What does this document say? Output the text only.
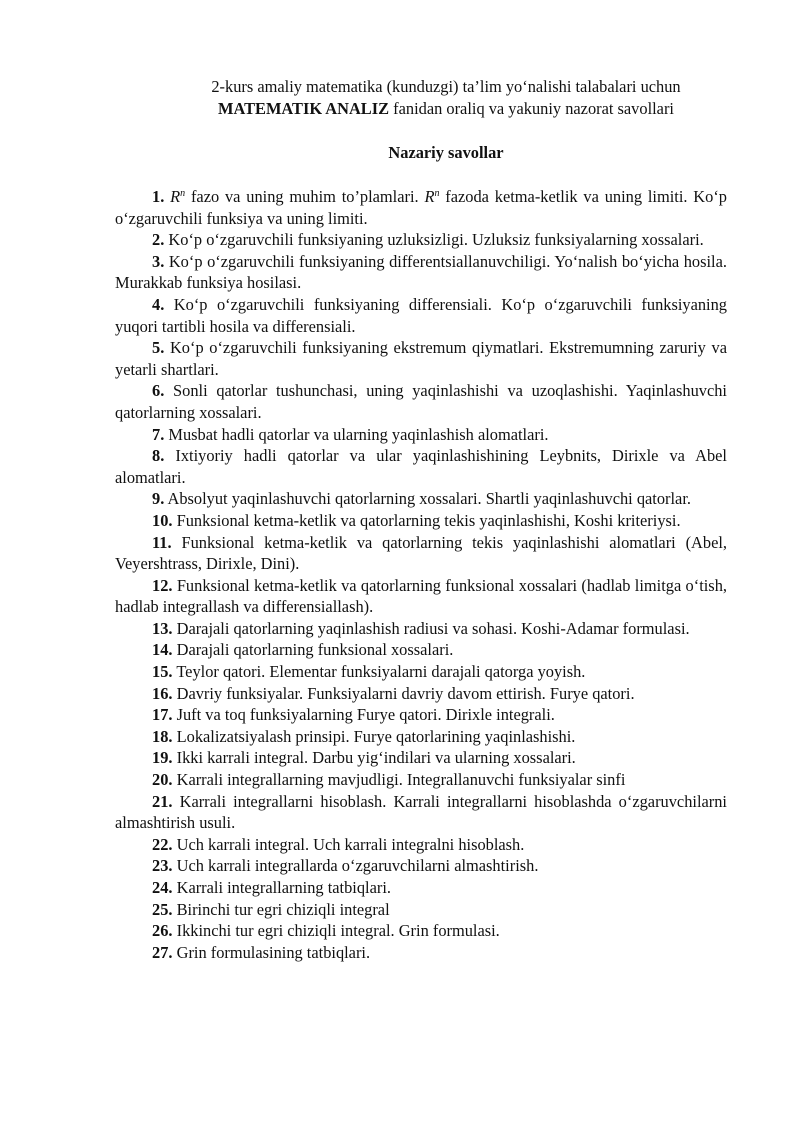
2-kurs amaliy matematika (kunduzgi) ta’lim yo‘nalishi talabalari uchun
MATEMATIK ANALIZ fanidan oraliq va yakuniy nazorat savollari
Nazariy savollar

1. $R^n$ fazo va uning muhim to’plamlari. $R^n$ fazoda ketma-ketlik va uning limiti. Ko‘p o‘zgaruvchili funksiya va uning limiti.

2. Ko‘p o‘zgaruvchili funksiyaning uzluksizligi. Uzluksiz funksiyalarning xossalari.

3. Ko‘p o‘zgaruvchili funksiyaning differentsiallanuvchiligi. Yo‘nalish bo‘yicha hosila. Murakkab funksiya hosilasi.

4. Ko‘p o‘zgaruvchili funksiyaning differensiali. Ko‘p o‘zgaruvchili funksiyaning yuqori tartibli hosila va differensiali.

5. Ko‘p o‘zgaruvchili funksiyaning ekstremum qiymatlari. Ekstremumning zaruriy va yetarli shartlari.

6. Sonli qatorlar tushunchasi, uning yaqinlashishi va uzoqlashishi. Yaqinlashuvchi qatorlarning xossalari.

7. Musbat hadli qatorlar va ularning yaqinlashish alomatlari.

8. Ixtiyoriy hadli qatorlar va ular yaqinlashishining Leybnits, Dirixle va Abel alomatlari.

9. Absolyut yaqinlashuvchi qatorlarning xossalari. Shartli yaqinlashuvchi qatorlar.

10. Funksional ketma-ketlik va qatorlarning tekis yaqinlashishi, Koshi kriteriysi.

11. Funksional ketma-ketlik va qatorlarning tekis yaqinlashishi alomatlari (Abel, Veyershtrass, Dirixle, Dini).

12. Funksional ketma-ketlik va qatorlarning funksional xossalari (hadlab limitga o‘tish, hadlab integrallash va differensiallash).

13. Darajali qatorlarning yaqinlashish radiusi va sohasi. Koshi-Adamar formulasi.

14. Darajali qatorlarning funksional xossalari.

15. Teylor qatori. Elementar funksiyalarni darajali qatorga yoyish.

16. Davriy funksiyalar. Funksiyalarni davriy davom ettirish. Furye qatori.

17. Juft va toq funksiyalarning Furye qatori. Dirixle integrali.

18. Lokalizatsiyalash prinsipi. Furye qatorlarining yaqinlashishi.

19. Ikki karrali integral. Darbu yig‘indilari va ularning xossalari.

20. Karrali integrallarning mavjudligi. Integrallanuvchi funksiyalar sinfi

21. Karrali integrallarni hisoblash. Karrali integrallarni hisoblashda o‘zgaruvchilarni almashtirish usuli.

22. Uch karrali integral. Uch karrali integralni hisoblash.

23. Uch karrali integrallarda o‘zgaruvchilarni almashtirish.

24. Karrali integrallarning tatbiqlari.

25. Birinchi tur egri chiziqli integral

26. Ikkinchi tur egri chiziqli integral. Grin formulasi.

27. Grin formulasining tatbiqlari.
